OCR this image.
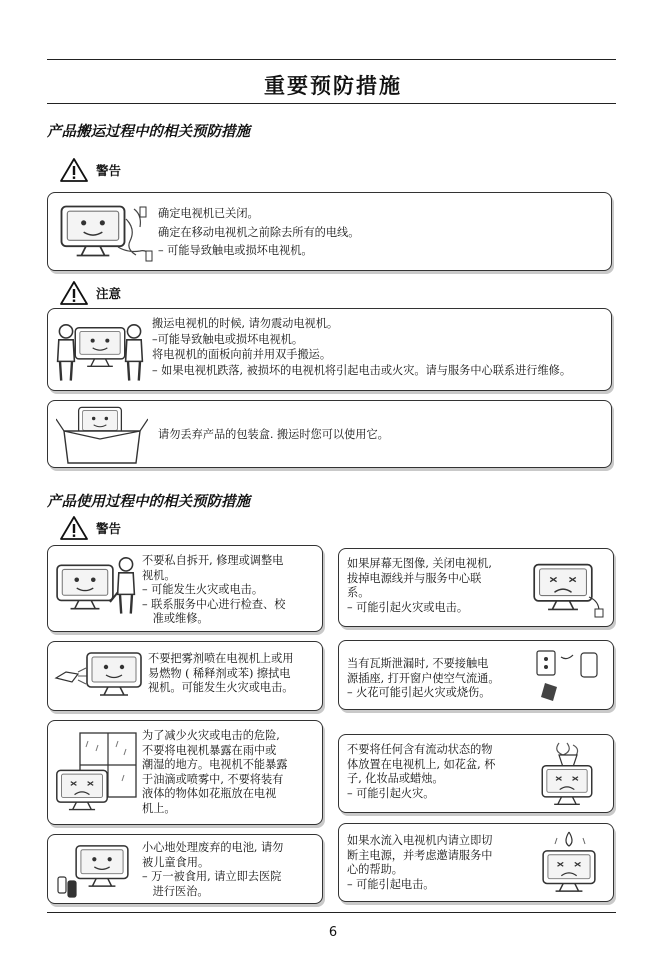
重要预防措施
产品搬运过程中的相关预防措施
警告
确定电视机已关闭。
确定在移动电视机之前除去所有的电线。
– 可能导致触电或损坏电视机。
注意
搬运电视机的时候, 请勿震动电视机。
–可能导致触电或损坏电视机。
将电视机的面板向前并用双手搬运。
– 如果电视机跌落, 被损坏的电视机将引起电击或火灾。请与服务中心联系进行维修。
请勿丢弃产品的包装盒. 搬运时您可以使用它。
产品使用过程中的相关预防措施
警告
不要私自拆开, 修理或调整电
视机。
– 可能发生火灾或电击。
– 联系服务中心进行检查、校
准或维修。
不要把雾剂喷在电视机上或用
易燃物 ( 稀释剂或苯) 擦拭电
视机。可能发生火灾或电击。
为了减少火灾或电击的危险,
不要将电视机暴露在雨中或
潮湿的地方。电视机不能暴露
于油滴或喷雾中, 不要将装有
液体的物体如花瓶放在电视
机上。
小心地处理废弃的电池, 请勿
被儿童食用。
– 万一被食用, 请立即去医院
进行医治。
如果屏幕无图像, 关闭电视机,
拔掉电源线并与服务中心联
系。
– 可能引起火灾或电击。
当有瓦斯泄漏时, 不要接触电
源插座, 打开窗户使空气流通。
– 火花可能引起火灾或烧伤。
不要将任何含有流动状态的物
体放置在电视机上, 如花盆, 杯
子, 化妆品或蜡烛。
– 可能引起火灾。
如果水流入电视机内请立即切
断主电源，并考虑邀请服务中
心的帮助。
– 可能引起电击。
6
